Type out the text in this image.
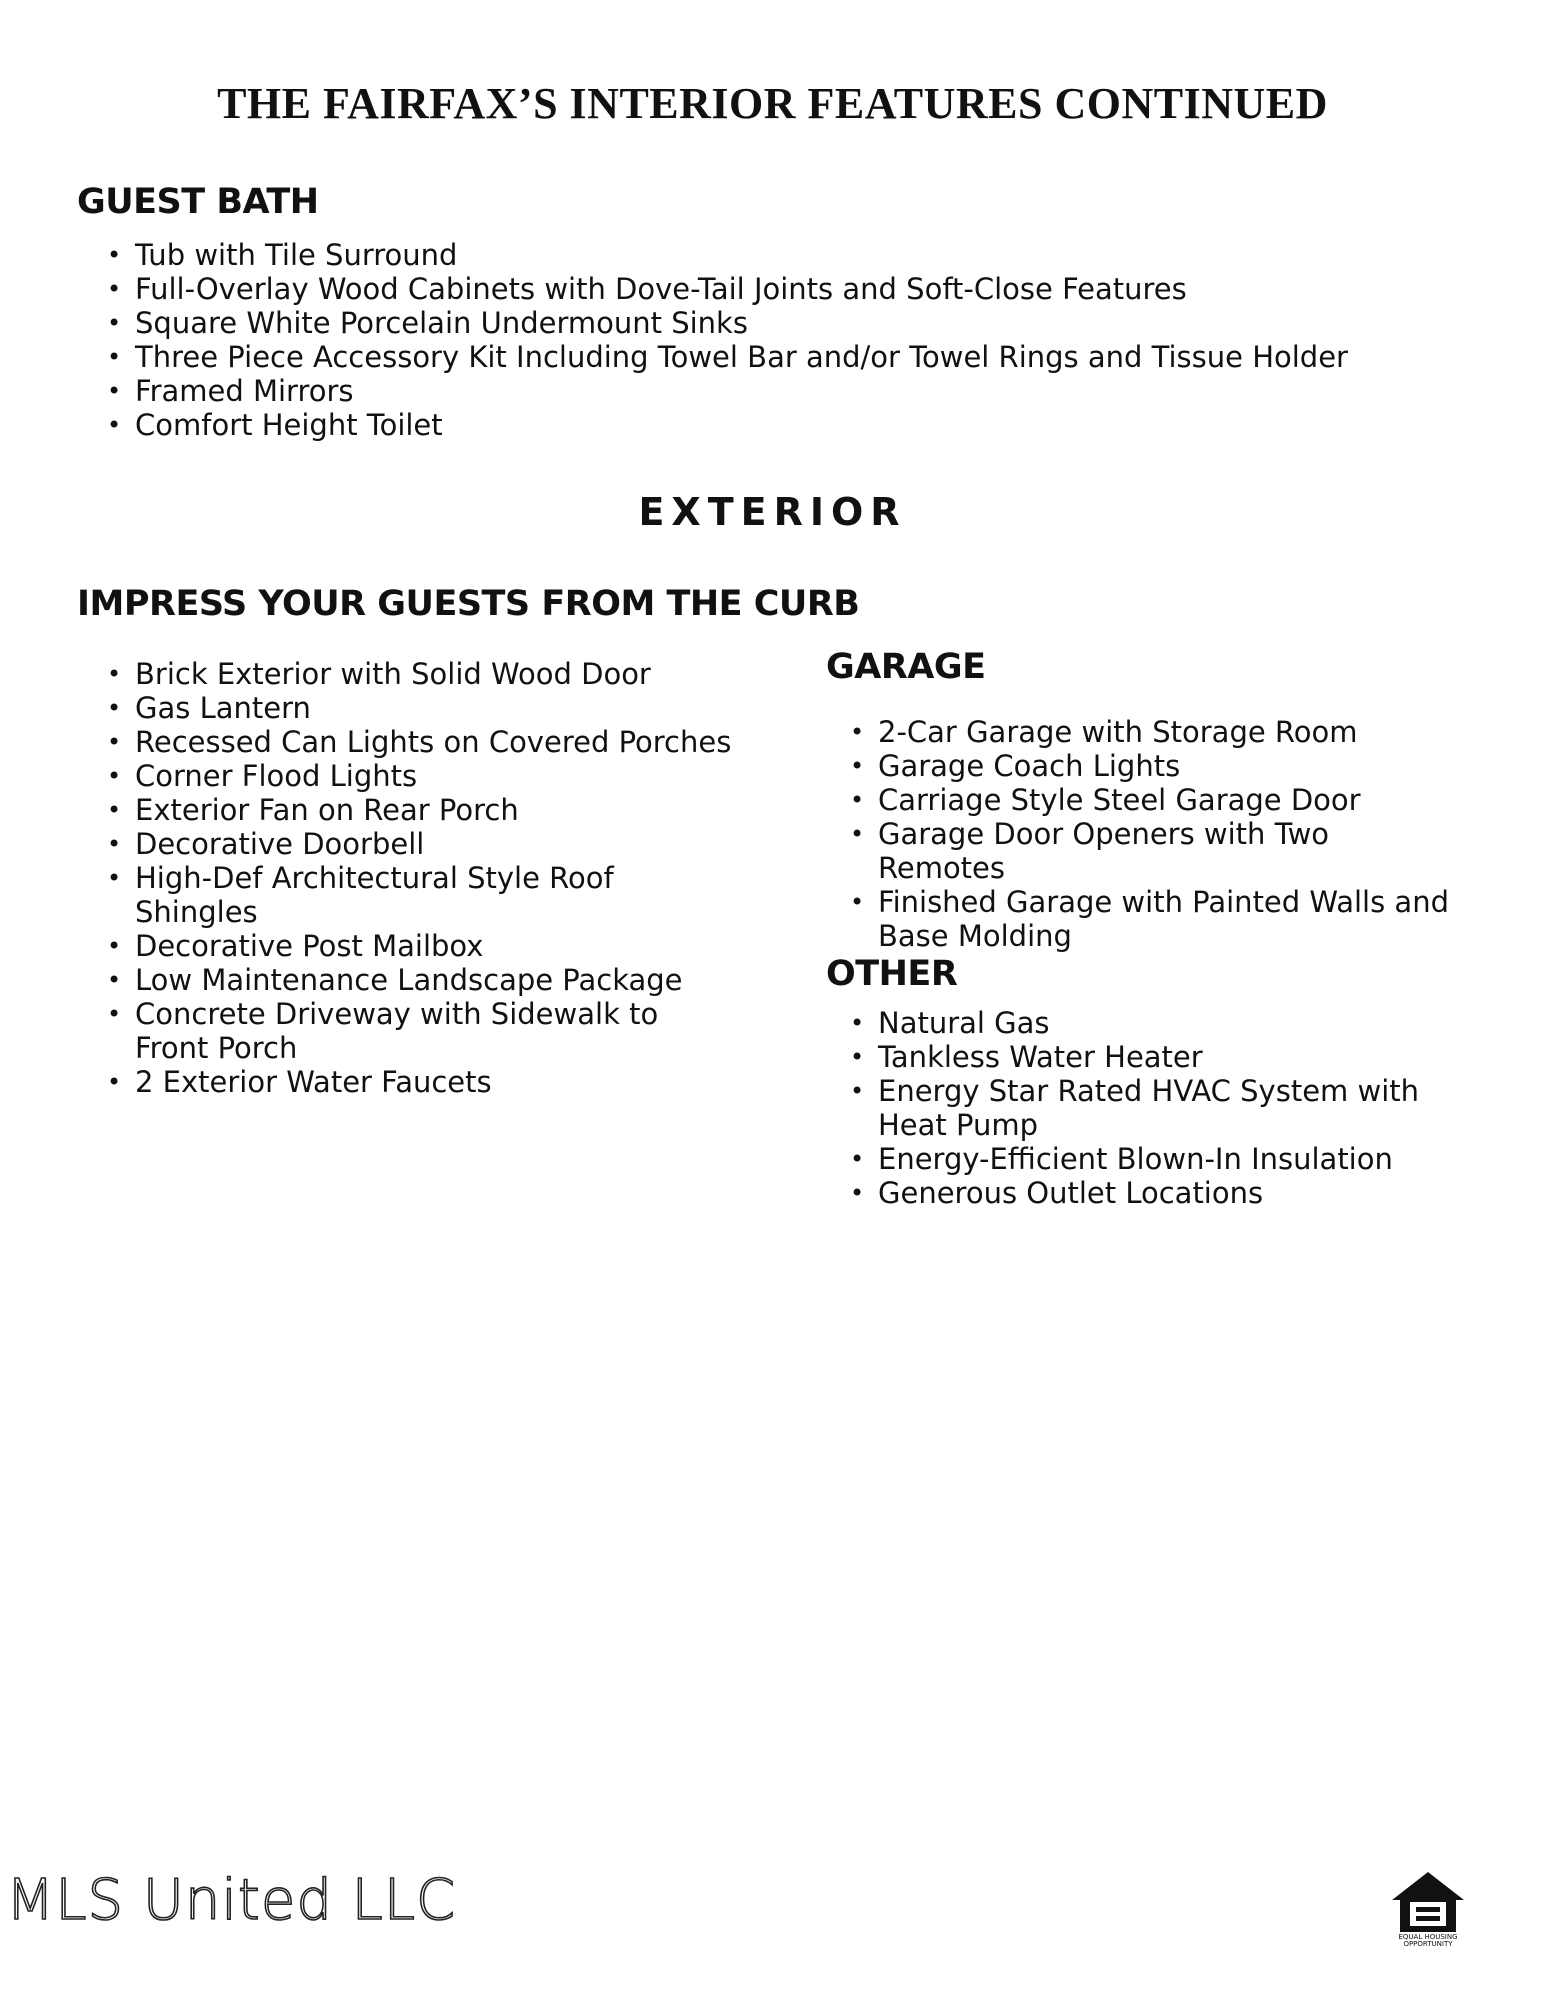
THE FAIRFAX’S INTERIOR FEATURES CONTINUED
GUEST BATH
• Tub with Tile Surround
• Full-Overlay Wood Cabinets with Dove-Tail Joints and Soft-Close Features
• Square White Porcelain Undermount Sinks
• Three Piece Accessory Kit Including Towel Bar and/or Towel Rings and Tissue Holder
• Framed Mirrors
• Comfort Height Toilet
EXTERIOR
IMPRESS YOUR GUESTS FROM THE CURB
• Brick Exterior with Solid Wood Door
• Gas Lantern
• Recessed Can Lights on Covered Porches
• Corner Flood Lights
• Exterior Fan on Rear Porch
• Decorative Doorbell
• High-Def Architectural Style Roof Shingles
• Decorative Post Mailbox
• Low Maintenance Landscape Package
• Concrete Driveway with Sidewalk to Front Porch
• 2 Exterior Water Faucets
GARAGE
• 2-Car Garage with Storage Room
• Garage Coach Lights
• Carriage Style Steel Garage Door
• Garage Door Openers with Two Remotes
• Finished Garage with Painted Walls and Base Molding
OTHER
• Natural Gas
• Tankless Water Heater
• Energy Star Rated HVAC System with Heat Pump
• Energy-Efficient Blown-In Insulation
• Generous Outlet Locations
MLS United LLC
EQUAL HOUSING
OPPORTUNITY
